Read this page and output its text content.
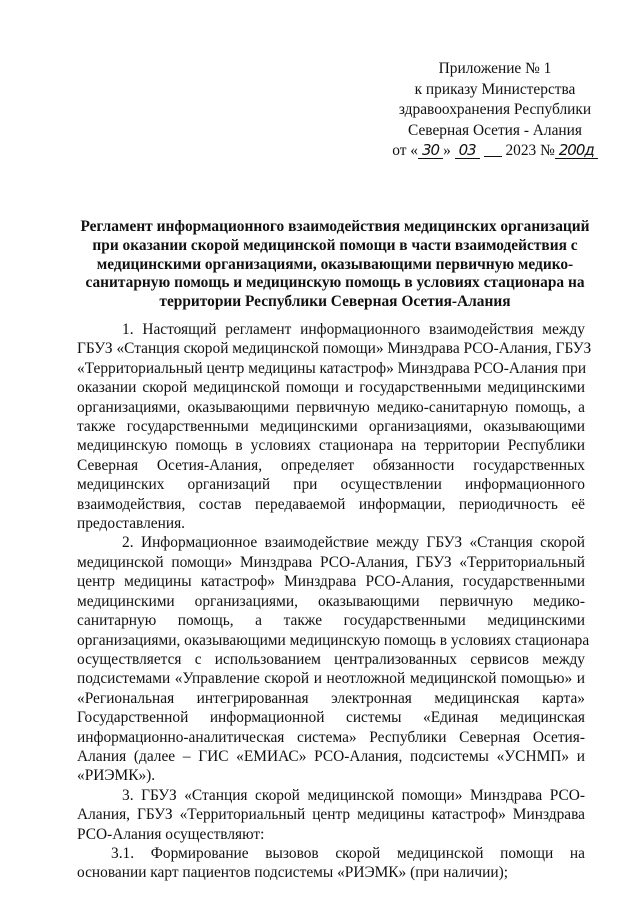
Приложение № 1
к приказу Министерства
здравоохранения Республики
Северная Осетия - Алания
от « 30 » 03 2023 № 200д
Регламент информационного взаимодействия медицинских организаций
при оказании скорой медицинской помощи в части взаимодействия с
медицинскими организациями, оказывающими первичную медико-
санитарную помощь и медицинскую помощь в условиях стационара на
территории Республики Северная Осетия-Алания
1. Настоящий регламент информационного взаимодействия между
ГБУЗ «Станция скорой медицинской помощи» Минздрава РСО-Алания, ГБУЗ
«Территориальный центр медицины катастроф» Минздрава РСО-Алания при
оказании скорой медицинской помощи и государственными медицинскими
организациями, оказывающими первичную медико-санитарную помощь, а
также государственными медицинскими организациями, оказывающими
медицинскую помощь в условиях стационара на территории Республики
Северная Осетия-Алания, определяет обязанности государственных
медицинских организаций при осуществлении информационного
взаимодействия, состав передаваемой информации, периодичность её
предоставления.
2. Информационное взаимодействие между ГБУЗ «Станция скорой
медицинской помощи» Минздрава РСО-Алания, ГБУЗ «Территориальный
центр медицины катастроф» Минздрава РСО-Алания, государственными
медицинскими организациями, оказывающими первичную медико-
санитарную помощь, а также государственными медицинскими
организациями, оказывающими медицинскую помощь в условиях стационара
осуществляется с использованием централизованных сервисов между
подсистемами «Управление скорой и неотложной медицинской помощью» и
«Региональная интегрированная электронная медицинская карта»
Государственной информационной системы «Единая медицинская
информационно-аналитическая система» Республики Северная Осетия-
Алания (далее – ГИС «ЕМИАС» РСО-Алания, подсистемы «УСНМП» и
«РИЭМК»).
3. ГБУЗ «Станция скорой медицинской помощи» Минздрава РСО-
Алания, ГБУЗ «Территориальный центр медицины катастроф» Минздрава
РСО-Алания осуществляют:
3.1. Формирование вызовов скорой медицинской помощи на
основании карт пациентов подсистемы «РИЭМК» (при наличии);
